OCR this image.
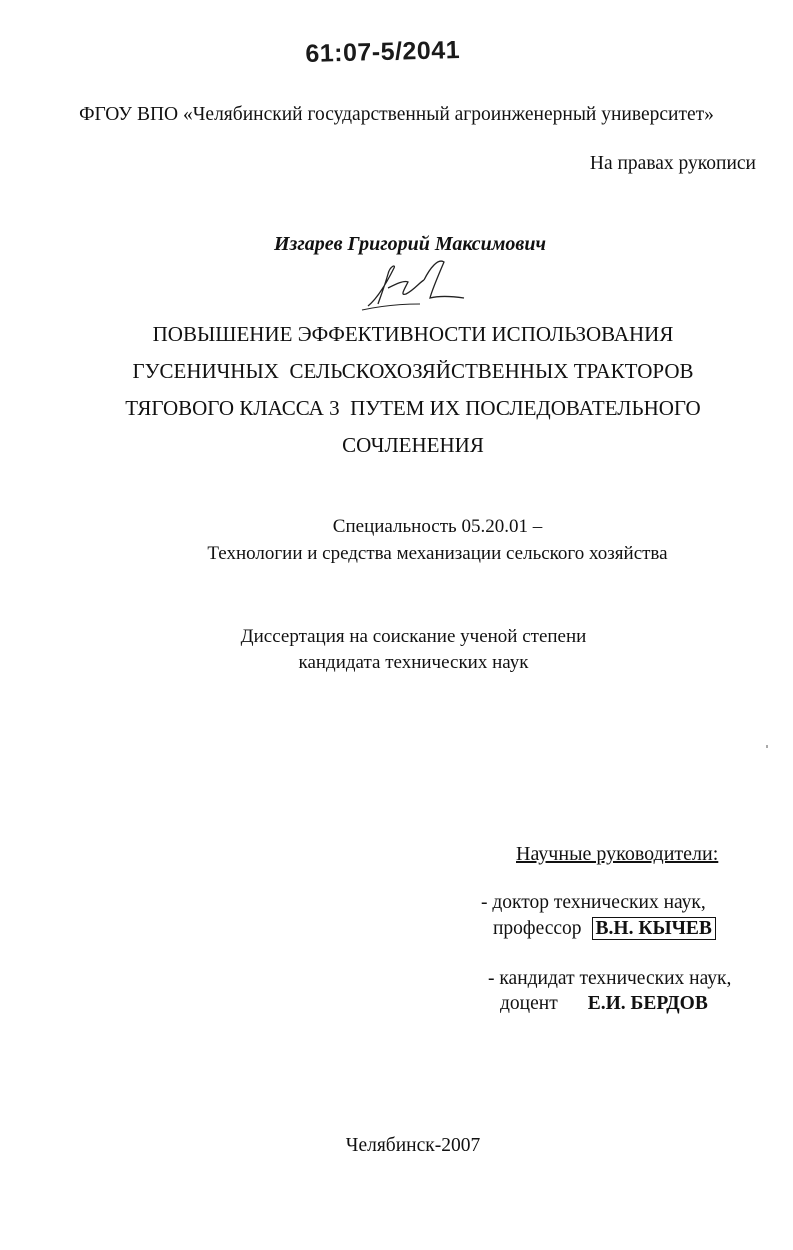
61:07-5/2041
ФГОУ ВПО «Челябинский государственный агроинженерный университет»
На правах рукописи
Изгарев Григорий Максимович
ПОВЫШЕНИЕ ЭФФЕКТИВНОСТИ ИСПОЛЬЗОВАНИЯ
ГУСЕНИЧНЫХ  СЕЛЬСКОХОЗЯЙСТВЕННЫХ ТРАКТОРОВ
ТЯГОВОГО КЛАССА 3  ПУТЕМ ИХ ПОСЛЕДОВАТЕЛЬНОГО
СОЧЛЕНЕНИЯ
Специальность 05.20.01 –
Технологии и средства механизации сельского хозяйства
Диссертация на соискание ученой степени
кандидата технических наук
Научные руководители:
- доктор технических наук,
профессор В.Н. КЫЧЕВ
- кандидат технических наук,
доцент Е.И. БЕРДОВ
Челябинск-2007
